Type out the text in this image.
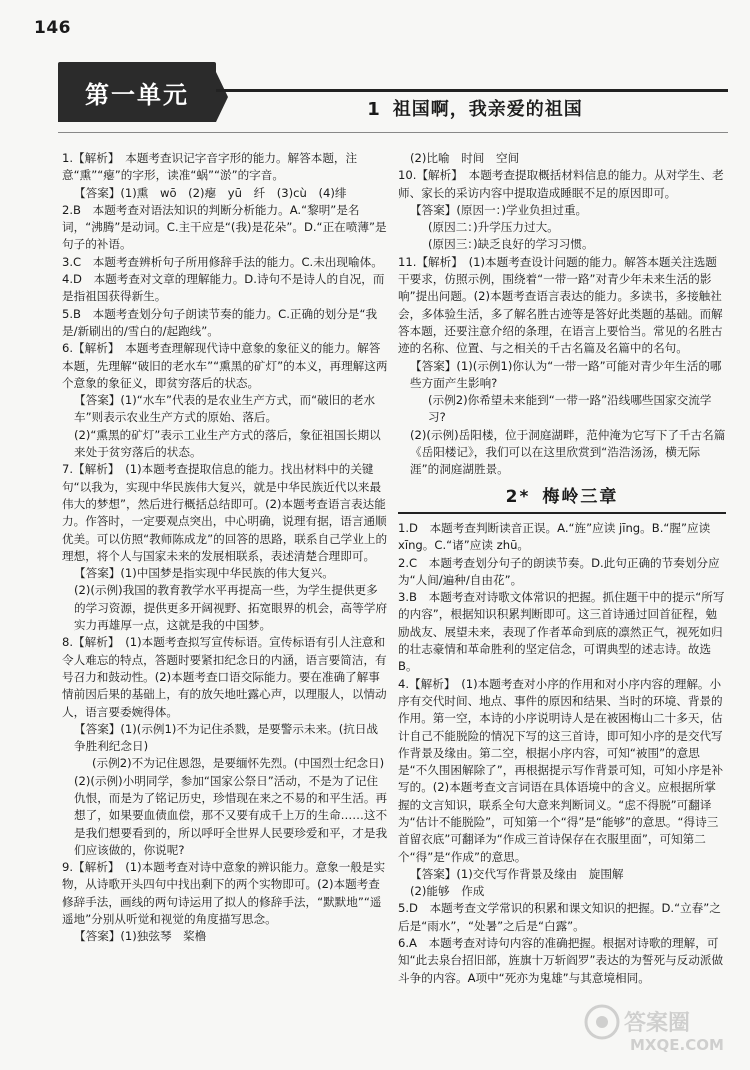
146
第一单元
1 祖国啊，我亲爱的祖国

1.【解析】　本题考查识记字音字形的能力。解答本题，注意“熏”“瘪”的字形，读准“蜗”“淤”的字音。

【答案】(1)熏　wō　(2)瘪　yū　纤　(3)cù　(4)绯

2.B　本题考查对语法知识的判断分析能力。A.“黎明”是名词，“沸腾”是动词。C.主干应是“(我)是花朵”。D.“正在喷薄”是句子的补语。

3.C　本题考查辨析句子所用修辞手法的能力。C.未出现喻体。

4.D　本题考查对文章的理解能力。D.诗句不是诗人的自况，而是指祖国获得新生。

5.B　本题考查划分句子朗读节奏的能力。C.正确的划分是“我是/新刷出的/雪白的/起跑线”。

6.【解析】　本题考查理解现代诗中意象的象征义的能力。解答本题，先理解“破旧的老水车”“熏黑的矿灯”的本义，再理解这两个意象的象征义，即贫穷落后的状态。

【答案】(1)“水车”代表的是农业生产方式，而“破旧的老水车”则表示农业生产方式的原始、落后。

(2)“熏黑的矿灯”表示工业生产方式的落后，象征祖国长期以来处于贫穷落后的状态。

7.【解析】　(1)本题考查提取信息的能力。找出材料中的关键句“以我为，实现中华民族伟大复兴，就是中华民族近代以来最伟大的梦想”，然后进行概括总结即可。(2)本题考查语言表达能力。作答时，一定要观点突出，中心明确，说理有据，语言通顺优美。可以仿照“教师陈成龙”的回答的思路，联系自己学业上的理想，将个人与国家未来的发展相联系，表述清楚合理即可。

【答案】(1)中国梦是指实现中华民族的伟大复兴。

(2)(示例)我国的教育教学水平再提高一些，为学生提供更多的学习资源，提供更多开阔视野、拓宽眼界的机会，高等学府实力再雄厚一点，这就是我的中国梦。

8.【解析】　(1)本题考查拟写宣传标语。宣传标语有引人注意和令人难忘的特点，答题时要紧扣纪念日的内涵，语言要简洁，有号召力和鼓动性。(2)本题考查口语交际能力。要在准确了解事情前因后果的基础上，有的放矢地吐露心声，以理服人，以情动人，语言要委婉得体。

【答案】(1)(示例1)不为记住杀戮，是要警示未来。(抗日战争胜利纪念日)

(示例2)不为记住恩怨，是要缅怀先烈。(中国烈士纪念日)

(2)(示例)小明同学，参加“国家公祭日”活动，不是为了记住仇恨，而是为了铭记历史，珍惜现在来之不易的和平生活。再想了，如果要血债血偿，那不又要有成千上万的生命……这不是我们想要看到的，所以呼吁全世界人民要珍爱和平，才是我们应该做的，你说呢?

9.【解析】　(1)本题考查对诗中意象的辨识能力。意象一般是实物，从诗歌开头四句中找出剩下的两个实物即可。(2)本题考查修辞手法，画线的两句诗运用了拟人的修辞手法，“默默地”“遥遥地”分别从听觉和视觉的角度描写思念。

【答案】(1)独弦琴　桨橹

(2)比喻　时间　空间

10.【解析】　本题考查提取概括材料信息的能力。从对学生、老师、家长的采访内容中提取造成睡眠不足的原因即可。

【答案】(原因一：)学业负担过重。

(原因二：)升学压力过大。

(原因三：)缺乏良好的学习习惯。

11.【解析】　(1)本题考查设计问题的能力。解答本题关注选题干要求，仿照示例，围绕着“一带一路”对青少年未来生活的影响”提出问题。(2)本题考查语言表达的能力。多读书，多接触社会，多体验生活，多了解名胜古迹等是答好此类题的基础。而解答本题，还要注意介绍的条理，在语言上要恰当。常见的名胜古迹的名称、位置、与之相关的千古名篇及名篇中的名句。

【答案】(1)(示例1)你认为“一带一路”可能对青少年生活的哪些方面产生影响?

(示例2)你希望未来能到“一带一路”沿线哪些国家交流学习?

(2)(示例)岳阳楼，位于洞庭湖畔，范仲淹为它写下了千古名篇《岳阳楼记》，我们可以在这里欣赏到“浩浩汤汤，横无际涯”的洞庭湖胜景。

2* 梅岭三章

1.D　本题考查判断读音正误。A.“旌”应读 jīng。B.“腥”应读 xīng。C.“诸”应读 zhū。

2.C　本题考查划分句子的朗读节奏。D.此句正确的节奏划分应为“人间/遍种/自由花”。

3.B　本题考查对诗歌文体常识的把握。抓住题干中的提示“所写的内容”，根据知识积累判断即可。这三首诗通过回首征程，勉励战友、展望未来，表现了作者革命到底的凛然正气，视死如归的壮志豪情和革命胜利的坚定信念，可谓典型的述志诗。故选B。

4.【解析】　(1)本题考查对小序的作用和对小序内容的理解。小序有交代时间、地点、事件的原因和结果、当时的环境、背景的作用。第一空，本诗的小序说明诗人是在被困梅山二十多天，估计自己不能脱险的情况下写的这三首诗，即可知小序的是交代写作背景及缘由。第二空，根据小序内容，可知“被围”的意思是“不久围困解除了”，再根据提示写作背景可知，可知小序是补写的。(2)本题考查文言词语在具体语境中的含义。应根据所掌握的文言知识，联系全句大意来判断词义。“虑不得脱”可翻译为“估计不能脱险”，可知第一个“得”是“能够”的意思。“得诗三首留衣底”可翻译为“作成三首诗保存在衣服里面”，可知第二个“得”是“作成”的意思。

【答案】(1)交代写作背景及缘由　旋围解

(2)能够　作成

5.D　本题考查文学常识的积累和课文知识的把握。D.“立春”之后是“雨水”，“处暑”之后是“白露”。

6.A　本题考查对诗句内容的准确把握。根据对诗歌的理解，可知“此去泉台招旧部，旌旗十万斩阎罗”表达的为誓死与反动派做斗争的内容。A项中“死亦为鬼雄”与其意境相同。

答案圈
MXQE.COM
